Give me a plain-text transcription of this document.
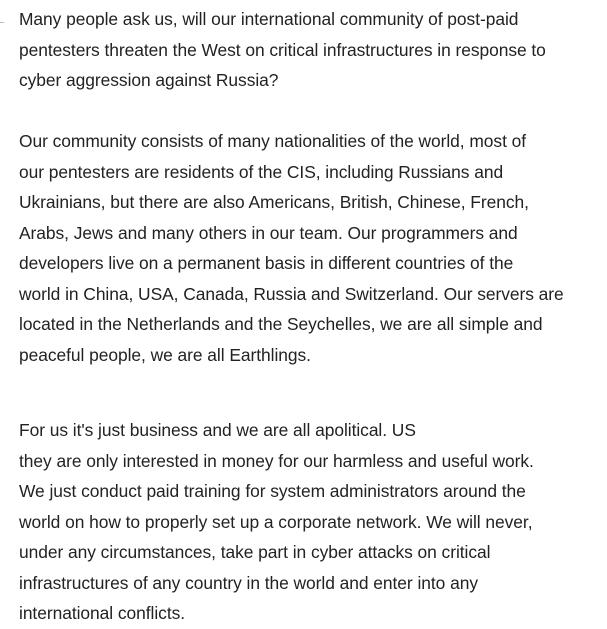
Many people ask us, will our international community of post-paid
pentesters threaten the West on critical infrastructures in response to
cyber aggression against Russia?

Our community consists of many nationalities of the world, most of
our pentesters are residents of the CIS, including Russians and
Ukrainians, but there are also Americans, British, Chinese, French,
Arabs, Jews and many others in our team. Our programmers and
developers live on a permanent basis in different countries of the
world in China, USA, Canada, Russia and Switzerland. Our servers are
located in the Netherlands and the Seychelles, we are all simple and
peaceful people, we are all Earthlings.

For us it's just business and we are all apolitical. US
they are only interested in money for our harmless and useful work.
We just conduct paid training for system administrators around the
world on how to properly set up a corporate network. We will never,
under any circumstances, take part in cyber attacks on critical
infrastructures of any country in the world and enter into any
international conflicts.
